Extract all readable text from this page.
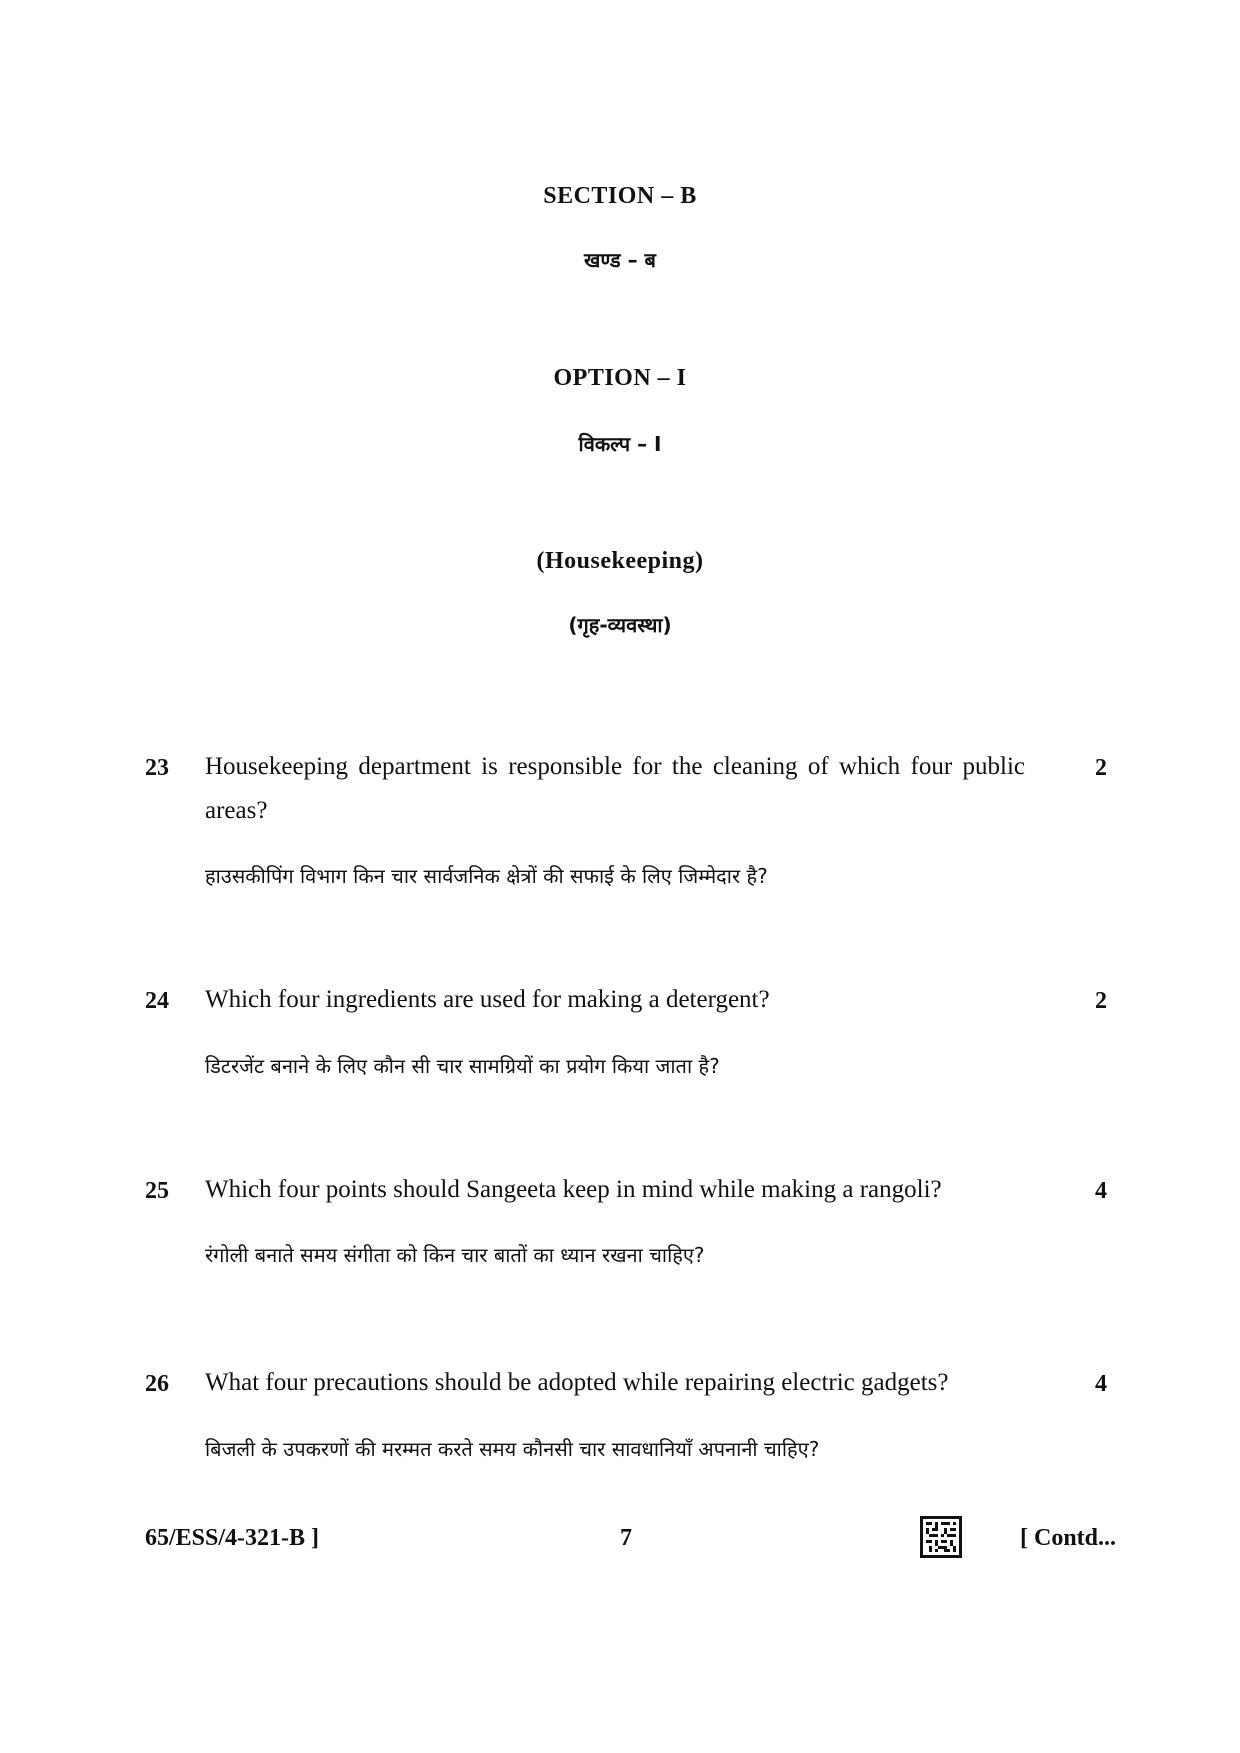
SECTION – B
खण्ड – ब
OPTION – I
विकल्प – I
(Housekeeping)
(गृह-व्यवस्था)
23 Housekeeping department is responsible for the cleaning of which four public areas?
2
हाउसकीपिंग विभाग किन चार सार्वजनिक क्षेत्रों की सफाई के लिए जिम्मेदार है?
24 Which four ingredients are used for making a detergent?	2
डिटरजेंट बनाने के लिए कौन सी चार सामग्रियों का प्रयोग किया जाता है?
25 Which four points should Sangeeta keep in mind while making a rangoli?	4
रंगोली बनाते समय संगीता को किन चार बातों का ध्यान रखना चाहिए?
26 What four precautions should be adopted while repairing electric gadgets?	4
बिजली के उपकरणों की मरम्मत करते समय कौनसी चार सावधानियाँ अपनानी चाहिए?
65/ESS/4-321-B ]	7	[ Contd...
